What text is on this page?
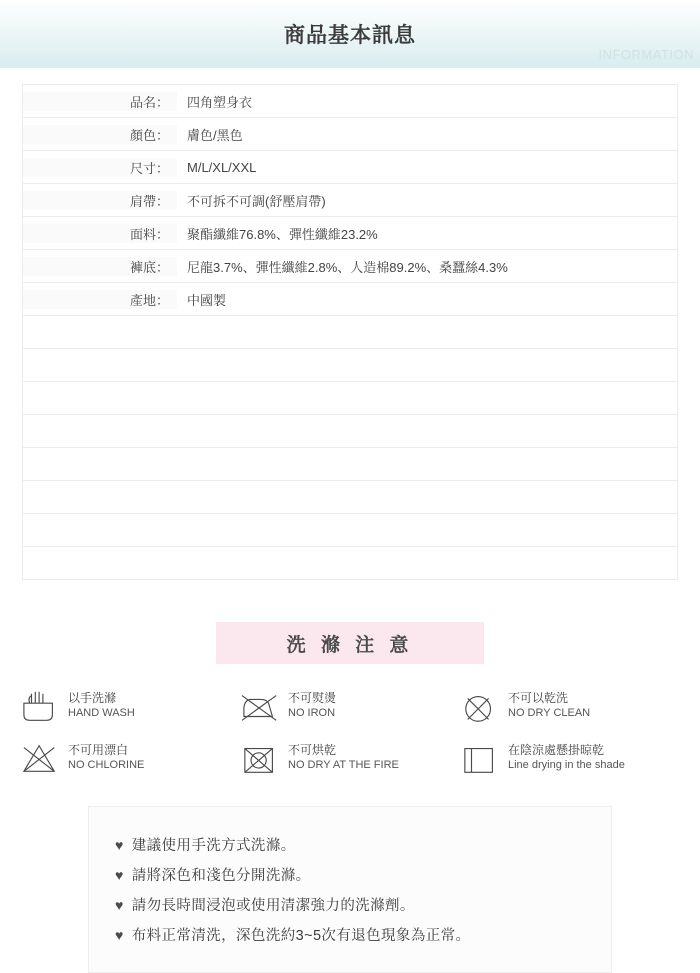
商品基本訊息
INFORMATION
品名：	四角塑身衣
顏色：	膚色/黑色
尺寸：	M/L/XL/XXL
肩帶：	不可拆不可調(舒壓肩帶)
面料：	聚酯纖維76.8%、彈性纖維23.2%
褲底：	尼龍3.7%、彈性纖維2.8%、人造棉89.2%、桑蠶絲4.3%
產地：	中國製
洗 滌 注 意
以手洗滌
HAND WASH
不可熨燙
NO IRON
不可以乾洗
NO DRY CLEAN
不可用漂白
NO CHLORINE
不可烘乾
NO DRY AT THE FIRE
在陰涼處懸掛晾乾
Line drying in the shade
♥ 建議使用手洗方式洗滌。
♥ 請將深色和淺色分開洗滌。
♥ 請勿長時間浸泡或使用清潔強力的洗滌劑。
♥ 布料正常清洗，深色洗約3~5次有退色現象為正常。
